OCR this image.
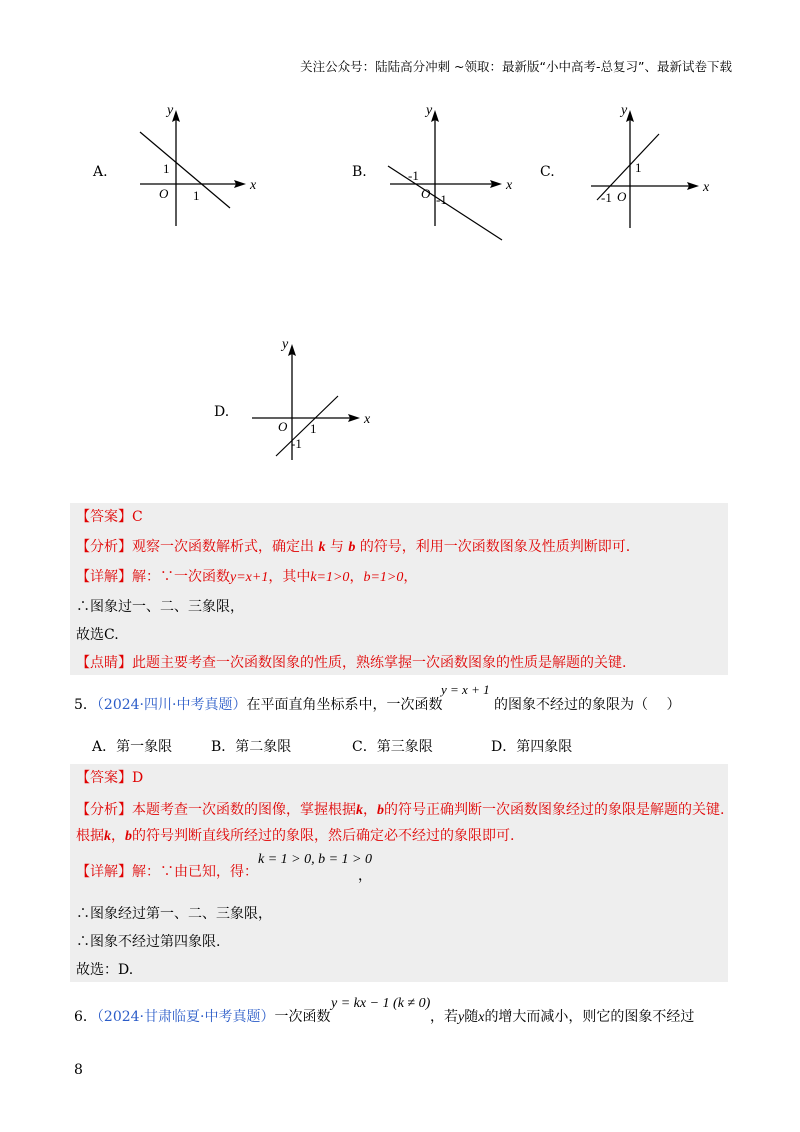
关注公众号：陆陆高分冲刺 ~领取：最新版“小中高考-总复习”、最新试卷下载
A.
x
y
O
1
1
B.
x
y
O
-1
-1
C.
x
y
O
1
-1
D.	x
y
O 1
-1
【答案】C
【分析】观察一次函数解析式，确定出 k 与 b 的符号，利用一次函数图象及性质判断即可.
【详解】解：∵一次函数y=x+1，其中k=1>0，b=1>0，
∴图象过一、二、三象限，
故选C.
【点睛】此题主要考查一次函数图象的性质，熟练掌握一次函数图象的性质是解题的关键.
5．（2024·四川·中考真题）在平面直角坐标系中，一次函数
y = x + 1
的图象不经过的象限为（　 ）
A．第一象限	B．第二象限	C．第三象限	D．第四象限
【答案】D
【分析】本题考查一次函数的图像，掌握根据k，b的符号正确判断一次函数图象经过的象限是解题的关键.
根据k，b的符号判断直线所经过的象限，然后确定必不经过的象限即可.
【详解】解：∵由已知，得：
k = 1 > 0, b = 1 > 0
，
∴图象经过第一、二、三象限，
∴图象不经过第四象限.
故选：D.
6．（2024·甘肃临夏·中考真题）一次函数
y = kx − 1 (k ≠ 0)
，若y随x的增大而减小，则它的图象不经过
8
